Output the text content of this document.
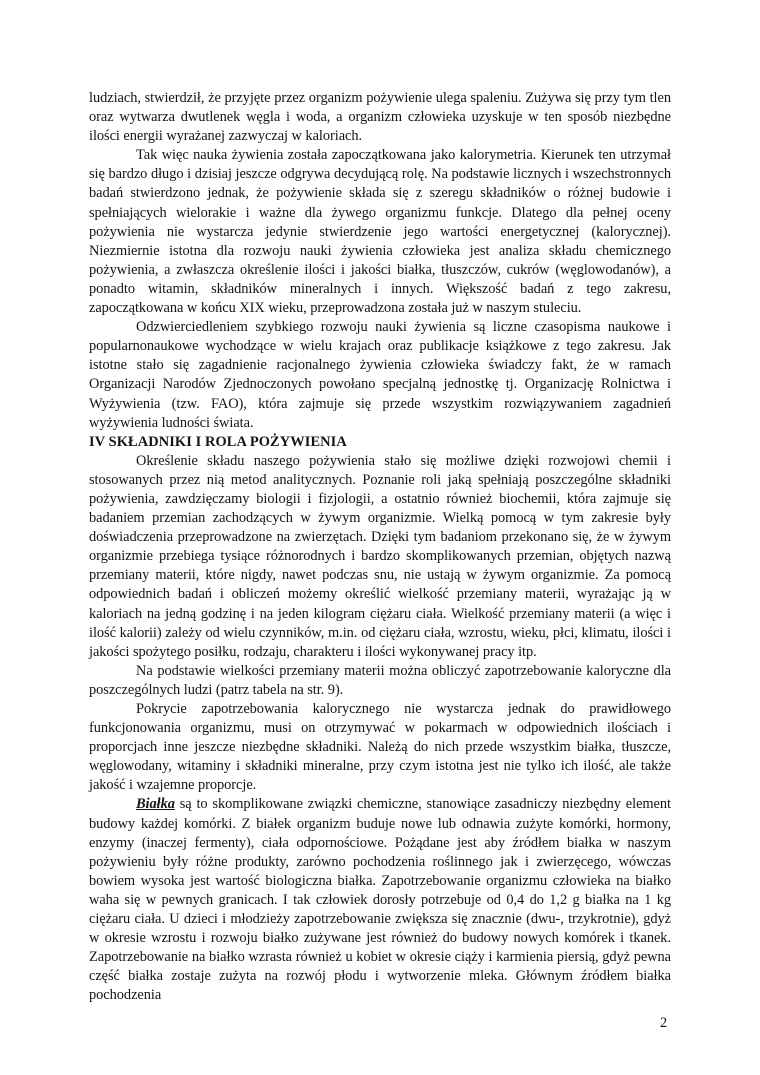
ludziach, stwierdził, że przyjęte przez organizm pożywienie ulega spaleniu. Zużywa się przy tym tlen oraz wytwarza dwutlenek węgla i woda, a organizm człowieka uzyskuje w ten sposób niezbędne ilości energii wyrażanej zazwyczaj w kaloriach.

Tak więc nauka żywienia została zapoczątkowana jako kalorymetria. Kierunek ten utrzymał się bardzo długo i dzisiaj jeszcze odgrywa decydującą rolę. Na podstawie licznych i wszechstronnych badań stwierdzono jednak, że pożywienie składa się z szeregu składników o różnej budowie i spełniających wielorakie i ważne dla żywego organizmu funkcje. Dlatego dla pełnej oceny pożywienia nie wystarcza jedynie stwierdzenie jego wartości energetycznej (kalorycznej). Niezmiernie istotna dla rozwoju nauki żywienia człowieka jest analiza składu chemicznego pożywienia, a zwłaszcza określenie ilości i jakości białka, tłuszczów, cukrów (węglowodanów), a ponadto witamin, składników mineralnych i innych. Większość badań z tego zakresu, zapoczątkowana w końcu XIX wieku, przeprowadzona została już w naszym stuleciu.

Odzwierciedleniem szybkiego rozwoju nauki żywienia są liczne czasopisma naukowe i popularnonaukowe wychodzące w wielu krajach oraz publikacje książkowe z tego zakresu. Jak istotne stało się zagadnienie racjonalnego żywienia człowieka świadczy fakt, że w ramach Organizacji Narodów Zjednoczonych powołano specjalną jednostkę tj. Organizację Rolnictwa i Wyżywienia (tzw. FAO), która zajmuje się przede wszystkim rozwiązywaniem zagadnień wyżywienia ludności świata.

IV SKŁADNIKI I ROLA POŻYWIENIA

Określenie składu naszego pożywienia stało się możliwe dzięki rozwojowi chemii i stosowanych przez nią metod analitycznych. Poznanie roli jaką spełniają poszczególne składniki pożywienia, zawdzięczamy biologii i fizjologii, a ostatnio również biochemii, która zajmuje się badaniem przemian zachodzących w żywym organizmie. Wielką pomocą w tym zakresie były doświadczenia przeprowadzone na zwierzętach. Dzięki tym badaniom przekonano się, że w żywym organizmie przebiega tysiące różnorodnych i bardzo skomplikowanych przemian, objętych nazwą przemiany materii, które nigdy, nawet podczas snu, nie ustają w żywym organizmie. Za pomocą odpowiednich badań i obliczeń możemy określić wielkość przemiany materii, wyrażając ją w kaloriach na jedną godzinę i na jeden kilogram ciężaru ciała. Wielkość przemiany materii (a więc i ilość kalorii) zależy od wielu czynników, m.in. od ciężaru ciała, wzrostu, wieku, płci, klimatu, ilości i jakości spożytego posiłku, rodzaju, charakteru i ilości wykonywanej pracy itp.

Na podstawie wielkości przemiany materii można obliczyć zapotrzebowanie kaloryczne dla poszczególnych ludzi (patrz tabela na str. 9).

Pokrycie zapotrzebowania kalorycznego nie wystarcza jednak do prawidłowego funkcjonowania organizmu, musi on otrzymywać w pokarmach w odpowiednich ilościach i proporcjach inne jeszcze niezbędne składniki. Należą do nich przede wszystkim białka, tłuszcze, węglowodany, witaminy i składniki mineralne, przy czym istotna jest nie tylko ich ilość, ale także jakość i wzajemne proporcje.

Białka są to skomplikowane związki chemiczne, stanowiące zasadniczy niezbędny element budowy każdej komórki. Z białek organizm buduje nowe lub odnawia zużyte komórki, hormony, enzymy (inaczej fermenty), ciała odpornościowe. Pożądane jest aby źródłem białka w naszym pożywieniu były różne produkty, zarówno pochodzenia roślinnego jak i zwierzęcego, wówczas bowiem wysoka jest wartość biologiczna białka. Zapotrzebowanie organizmu człowieka na białko waha się w pewnych granicach. I tak człowiek dorosły potrzebuje od 0,4 do 1,2 g białka na 1 kg ciężaru ciała. U dzieci i młodzieży zapotrzebowanie zwiększa się znacznie (dwu-, trzykrotnie), gdyż w okresie wzrostu i rozwoju białko zużywane jest również do budowy nowych komórek i tkanek. Zapotrzebowanie na białko wzrasta również u kobiet w okresie ciąży i karmienia piersią, gdyż pewna część białka zostaje zużyta na rozwój płodu i wytworzenie mleka. Głównym źródłem białka pochodzenia

2
